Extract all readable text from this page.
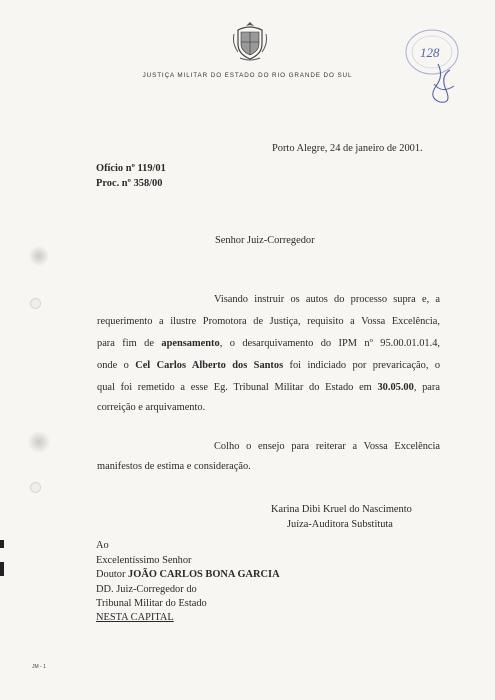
JUSTIÇA MILITAR DO ESTADO DO RIO GRANDE DO SUL
128
Porto Alegre, 24 de janeiro de 2001.
Ofício nº 119/01
Proc. nº 358/00
Senhor Juiz-Corregedor
Visando instruir os autos do processo supra e, a
requerimento a ilustre Promotora de Justiça, requisito a Vossa Excelência,
para fim de apensamento, o desarquivamento do IPM nº 95.00.01.01.4,
onde o Cel Carlos Alberto dos Santos foi indiciado por prevaricação, o
qual foi remetido a esse Eg. Tribunal Militar do Estado em 30.05.00, para
correição e arquivamento.
Colho o ensejo para reiterar a Vossa Excelência
manifestos de estima e consideração.
Karina Dibi Kruel do Nascimento
Juíza-Auditora Substituta
Ao
Excelentíssimo Senhor
Doutor JOÃO CARLOS BONA GARCIA
DD. Juiz-Corregedor do
Tribunal Militar do Estado
NESTA CAPITAL
JM - 1
